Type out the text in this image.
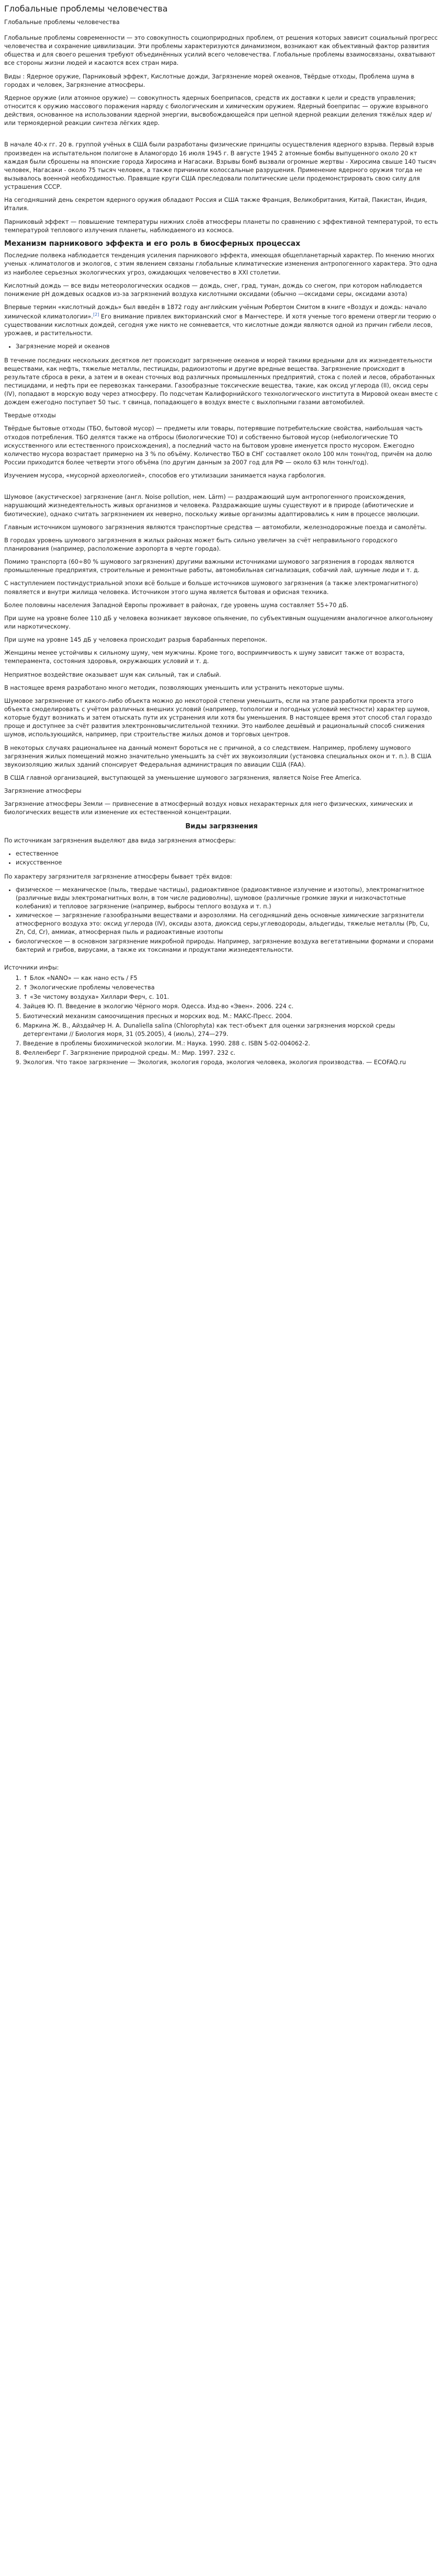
Глобальные проблемы человечества
Глобальные проблемы человечества

Глобальные проблемы современности — это совокупность социоприродных проблем, от решения которых зависит социальный прогресс человечества и сохранение цивилизации. Эти проблемы характеризуются динамизмом, возникают как объективный фактор развития общества и для своего решения требуют объединённых усилий всего человечества. Глобальные проблемы взаимосвязаны, охватывают все стороны жизни людей и касаются всех стран мира.

Виды : Ядерное оружие, Парниковый эффект, Кислотные дожди, Загрязнение морей океанов, Твёрдые отходы, Проблема шума в городах и человек, Загрязнение атмосферы.

Ядерное оружие (или атомное оружие) — совокупность ядерных боеприпасов, средств их доставки к цели и средств управления; относится к оружию массового поражения наряду с биологическим и химическим оружием. Ядерный боеприпас — оружие взрывного действия, основанное на использовании ядерной энергии, высвобождающейся при цепной ядерной реакции деления тяжёлых ядер и/или термоядерной реакции синтеза лёгких ядер.

В начале 40-х гг. 20 в. группой учёных в США были разработаны физические принципы осуществления ядерного взрыва. Первый взрыв произведен на испытательном полигоне в Аламогордо 16 июля 1945 г. В августе 1945 2 атомные бомбы выпущенного около 20 кт каждая были сброшены на японские города Хиросима и Нагасаки. Взрывы бомб вызвали огромные жертвы - Хиросима свыше 140 тысяч человек, Нагасаки - около 75 тысяч человек, а также причинили колоссальные разрушения. Применение ядерного оружия тогда не вызывалось военной необходимостью. Правящие круги США преследовали политические цели продемонстрировать свою силу для устрашения СССР.

На сегодняшний день секретом ядерного оружия обладают Россия и США также Франция, Великобритания, Китай, Пакистан, Индия, Италия.

Парниковый эффект — повышение температуры нижних слоёв атмосферы планеты по сравнению с эффективной температурой, то есть температурой теплового излучения планеты, наблюдаемого из космоса.

Механизм парникового эффекта и его роль в биосферных процессах

Последние полвека наблюдается тенденция усиления парникового эффекта, имеющая общепланетарный характер. По мнению многих ученых -климатологов и экологов, с этим явлением связаны глобальные климатические изменения антропогенного характера. Это одна из наиболее серьезных экологических угроз, ожидающих человечество в XXI столетии.

Кислотный дождь — все виды метеорологических осадков — дождь, снег, град, туман, дождь со снегом, при котором наблюдается понижение pH дождевых осадков из-за загрязнений воздуха кислотными оксидами (обычно —оксидами серы, оксидами азота)

Впервые термин «кислотный дождь» был введён в 1872 году английским учёным Робертом Смитом в книге «Воздух и дождь: начало химической климатологии».[2] Его внимание привлек викторианский смог в Манчестере. И хотя ученые того времени отвергли теорию о существовании кислотных дождей, сегодня уже никто не сомневается, что кислотные дожди являются одной из причин гибели лесов, урожаев, и растительности.

• Загрязнение морей и океанов

В течение последних нескольких десятков лет происходит загрязнение океанов и морей такими вредными для их жизнедеятельности веществами, как нефть, тяжелые металлы, пестициды, радиоизотопы и другие вредные вещества. Загрязнение происходит в результате сброса в реки, а затем и в океан сточных вод различных промышленных предприятий, стока с полей и лесов, обработанных пестицидами, и нефть при ее перевозках танкерами. Газообразные токсические вещества, такие, как оксид углерода (II), оксид серы (IV), попадают в морскую воду через атмосферу. По подсчетам Калифорнийского технологического института в Мировой океан вместе с дождем ежегодно поступает 50 тыс. т свинца, попадающего в воздух вместе с выхлопными газами автомобилей.

Твердые отходы

Твёрдые бытовые отходы (ТБО, бытовой мусор) — предметы или товары, потерявшие потребительские свойства, наибольшая часть отходов потребления. ТБО делятся также на отбросы (биологические ТО) и собственно бытовой мусор (небиологические ТО искусственного или естественного происхождения), а последний часто на бытовом уровне именуется просто мусором. Ежегодно количество мусора возрастает примерно на 3 % по объёму. Количество ТБО в СНГ составляет около 100 млн тонн/год, причём на долю России приходится более четверти этого объёма (по другим данным за 2007 год для РФ — около 63 млн тонн/год).

Изучением мусора, «мусорной археологией», способов его утилизации занимается наука гарбология.

Шумовое (акустическое) загрязнение (англ. Noise pollution, нем. Lärm) — раздражающий шум антропогенного происхождения, нарушающий жизнедеятельность живых организмов и человека. Раздражающие шумы существуют и в природе (абиотические и биотические), однако считать загрязнением их неверно, поскольку живые организмы адаптировались к ним в процессе эволюции.

Главным источником шумового загрязнения являются транспортные средства — автомобили, железнодорожные поезда и самолёты.

В городах уровень шумового загрязнения в жилых районах может быть сильно увеличен за счёт неправильного городского планирования (например, расположение аэропорта в черте города).

Помимо транспорта (60÷80 % шумового загрязнения) другими важными источниками шумового загрязнения в городах являются промышленные предприятия, строительные и ремонтные работы, автомобильная сигнализация, собачий лай, шумные люди и т. д.

С наступлением постиндустриальной эпохи всё больше и больше источников шумового загрязнения (а также электромагнитного) появляется и внутри жилища человека. Источником этого шума является бытовая и офисная техника.

Более половины населения Западной Европы проживает в районах, где уровень шума составляет 55÷70 дБ.

При шуме на уровне более 110 дБ у человека возникает звуковое опьянение, по субъективным ощущениям аналогичное алкогольному или наркотическому.

При шуме на уровне 145 дБ у человека происходит разрыв барабанных перепонок.

Женщины менее устойчивы к сильному шуму, чем мужчины. Кроме того, восприимчивость к шуму зависит также от возраста, темперамента, состояния здоровья, окружающих условий и т. д.

Неприятное воздействие оказывает шум как сильный, так и слабый.

В настоящее время разработано много методик, позволяющих уменьшить или устранить некоторые шумы.

Шумовое загрязнение от какого-либо объекта можно до некоторой степени уменьшить, если на этапе разработки проекта этого объекта смоделировать с учётом различных внешних условий (например, топологии и погодных условий местности) характер шумов, которые будут возникать и затем отыскать пути их устранения или хотя бы уменьшения. В настоящее время этот способ стал гораздо проще и доступнее за счёт развития электронновычислительной техники. Это наиболее дешёвый и рациональный способ снижения шумов, использующийся, например, при строительстве жилых домов и торговых центров.

В некоторых случаях рациональнее на данный момент бороться не с причиной, а со следствием. Например, проблему шумового загрязнения жилых помещений можно значительно уменьшить за счёт их звукоизоляции (установка специальных окон и т. п.). В США звукоизоляцию жилых зданий спонсирует Федеральная администрация по авиации США (FAA).

В США главной организацией, выступающей за уменьшение шумового загрязнения, является Noise Free America.

Загрязнение атмосферы

Загрязнение атмосферы Земли — привнесение в атмосферный воздух новых нехарактерных для него физических, химических и биологических веществ или изменение их естественной концентрации.

Виды загрязнения

По источникам загрязнения выделяют два вида загрязнения атмосферы:

• естественное
• искусственное

По характеру загрязнителя загрязнение атмосферы бывает трёх видов:

• физическое — механическое (пыль, твердые частицы), радиоактивное (радиоактивное излучение и изотопы), электромагнитное (различные виды электромагнитных волн, в том числе радиоволны), шумовое (различные громкие звуки и низкочастотные колебания) и тепловое загрязнение (например, выбросы теплого воздуха и т. п.)
• химическое — загрязнение газообразными веществами и аэрозолями. На сегодняшний день основные химические загрязнители атмосферного воздуха это: оксид углерода (IV), оксиды азота, диоксид серы,углеводороды, альдегиды, тяжелые металлы (Pb, Cu, Zn, Cd, Cr), аммиак, атмосферная пыль и радиоактивные изотопы
• биологическое — в основном загрязнение микробной природы. Например, загрязнение воздуха вегетативными формами и спорами бактерий и грибов, вирусами, а также их токсинами и продуктами жизнедеятельности.
Источники инфы:
1. ↑ Блок «NANO» — как нано есть / F5
2. ↑ Экологические проблемы человечества
3. ↑ «Зе чистому воздуха» Хиллари Ферч, с. 101.
4. Зайцев Ю. П. Введение в экологию Чёрного моря. Одесса. Изд-во «Эвен». 2006. 224 с.
5. Биотический механизм самоочищения пресных и морских вод. М.: МАКС-Пресс. 2004.
6. Маркина Ж. В., Айздайчер Н. А. Dunaliella salina (Chlorophyta) как тест-объект для оценки загрязнения морской среды детергентами // Биология моря, 31 (05.2005), 4 (июль), 274—279.
7. Введение в проблемы биохимической экологии. М.: Наука. 1990. 288 с. ISBN 5-02-004062-2.
8. Фелленберг Г. Загрязнение природной среды. М.: Мир. 1997. 232 с.
9. Экология. Что такое загрязнение — Экология, экология города, экология человека, экология производства. — ECOFAQ.ru
